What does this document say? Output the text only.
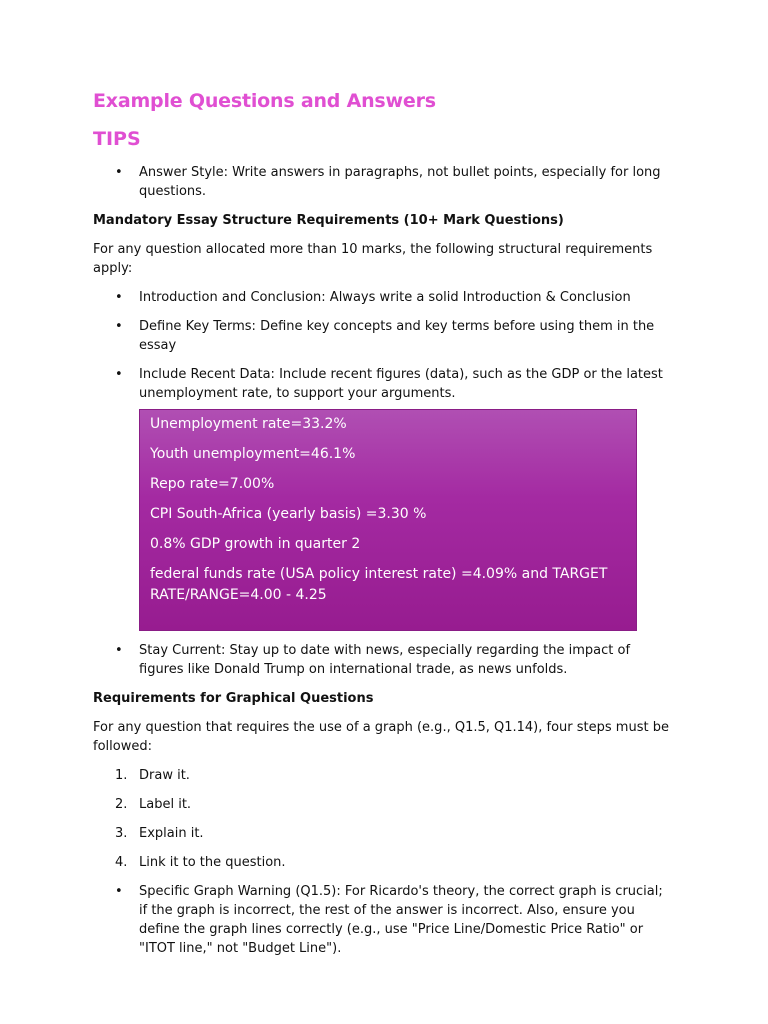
Example Questions and Answers
TIPS
• Answer Style: Write answers in paragraphs, not bullet points, especially for long questions.

Mandatory Essay Structure Requirements (10+ Mark Questions)

For any question allocated more than 10 marks, the following structural requirements apply:

• Introduction and Conclusion: Always write a solid Introduction & Conclusion
• Define Key Terms: Define key concepts and key terms before using them in the essay
• Include Recent Data: Include recent figures (data), such as the GDP or the latest unemployment rate, to support your arguments.

Unemployment rate=33.2%

Youth unemployment=46.1%

Repo rate=7.00%

CPI South-Africa (yearly basis) =3.30 %

0.8% GDP growth in quarter 2

federal funds rate (USA policy interest rate) =4.09% and TARGET RATE/RANGE=4.00 - 4.25

• Stay Current: Stay up to date with news, especially regarding the impact of figures like Donald Trump on international trade, as news unfolds.

Requirements for Graphical Questions

For any question that requires the use of a graph (e.g., Q1.5, Q1.14), four steps must be followed:

1. Draw it.
2. Label it.
3. Explain it.
4. Link it to the question.
• Specific Graph Warning (Q1.5): For Ricardo's theory, the correct graph is crucial; if the graph is incorrect, the rest of the answer is incorrect. Also, ensure you define the graph lines correctly (e.g., use "Price Line/Domestic Price Ratio" or "ITOT line," not "Budget Line").
